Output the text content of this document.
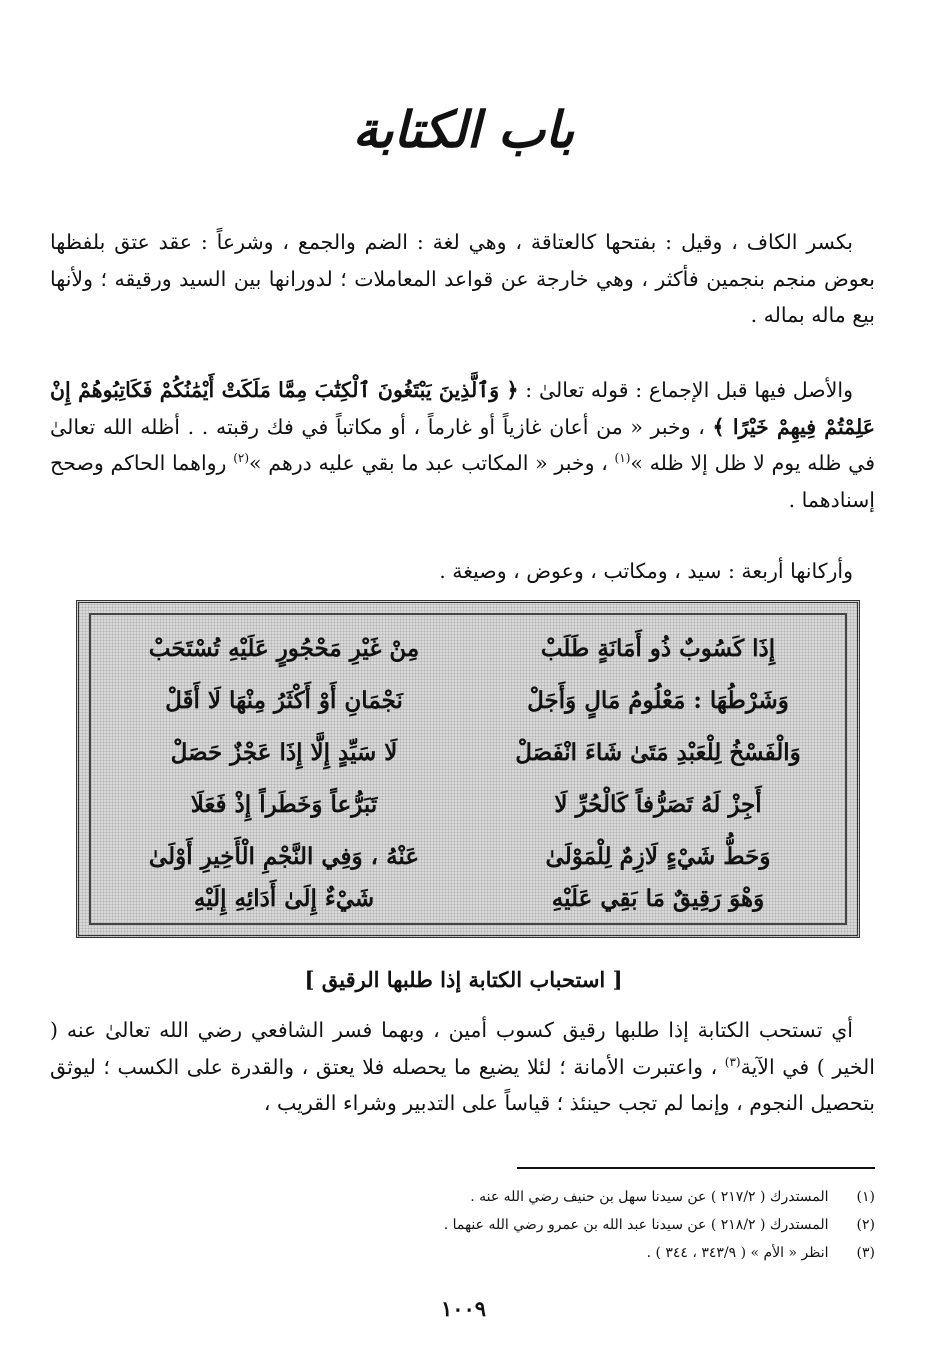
باب الكتابة

بكسر الكاف ، وقيل : بفتحها كالعتاقة ، وهي لغة : الضم والجمع ، وشرعاً : عقد عتق بلفظها بعوض منجم بنجمين فأكثر ، وهي خارجة عن قواعد المعاملات ؛ لدورانها بين السيد ورقيقه ؛ ولأنها بيع ماله بماله .

والأصل فيها قبل الإجماع : قوله تعالىٰ : ﴿ وَٱلَّذِينَ يَبْتَغُونَ ٱلْكِتَٰبَ مِمَّا مَلَكَتْ أَيْمَٰنُكُمْ فَكَاتِبُوهُمْ إِنْ عَلِمْتُمْ فِيهِمْ خَيْرًا ﴾ ، وخبر « من أعان غازياً أو غارماً ، أو مكاتباً في فك رقبته . . أظله الله تعالىٰ في ظله يوم لا ظل إلا ظله »$^{(١)}$ ، وخبر « المكاتب عبد ما بقي عليه درهم »$^{(٢)}$ رواهما الحاكم وصحح إسنادهما .

وأركانها أربعة : سيد ، ومكاتب ، وعوض ، وصيغة .

إِذَا كَسُوبٌ ذُو أَمَانَةٍ طَلَبْ
مِنْ غَيْرِ مَحْجُورٍ عَلَيْهِ تُسْتَحَبْ
وَشَرْطُهَا : مَعْلُومُ مَالٍ وَأَجَلْ
نَجْمَانِ أَوْ أَكْثَرُ مِنْهَا لَا أَقَلْ
وَالْفَسْخُ لِلْعَبْدِ مَتَىٰ شَاءَ انْفَصَلْ
لَا سَيِّدٍ إِلَّا إِذَا عَجْزٌ حَصَلْ
أَجِزْ لَهُ تَصَرُّفاً كَالْحُرِّ لَا
تَبَرُّعاً وَخَطَراً إِذْ فَعَلَا
وَحَطُّ شَيْءٍ لَازِمٌ لِلْمَوْلَىٰ
عَنْهُ ، وَفِي النَّجْمِ الْأَخِيرِ أَوْلَىٰ
وَهْوَ رَقِيقٌ مَا بَقِي عَلَيْهِ
شَيْءٌ إِلَىٰ أَدَائِهِ إِلَيْهِ
[ استحباب الكتابة إذا طلبها الرقيق ]

أي تستحب الكتابة إذا طلبها رقيق كسوب أمين ، وبهما فسر الشافعي رضي الله تعالىٰ عنه ( الخير ) في الآية$^{(٣)}$ ، واعتبرت الأمانة ؛ لئلا يضيع ما يحصله فلا يعتق ، والقدرة على الكسب ؛ ليوثق بتحصيل النجوم ، وإنما لم تجب حينئذ ؛ قياساً على التدبير وشراء القريب ،

(١) المستدرك ( ٢١٧/٢ ) عن سيدنا سهل بن حنيف رضي الله عنه .
(٢) المستدرك ( ٢١٨/٢ ) عن سيدنا عبد الله بن عمرو رضي الله عنهما .
(٣) انظر « الأم » ( ٣٤٣/٩ ، ٣٤٤ ) .
١٠٠٩
